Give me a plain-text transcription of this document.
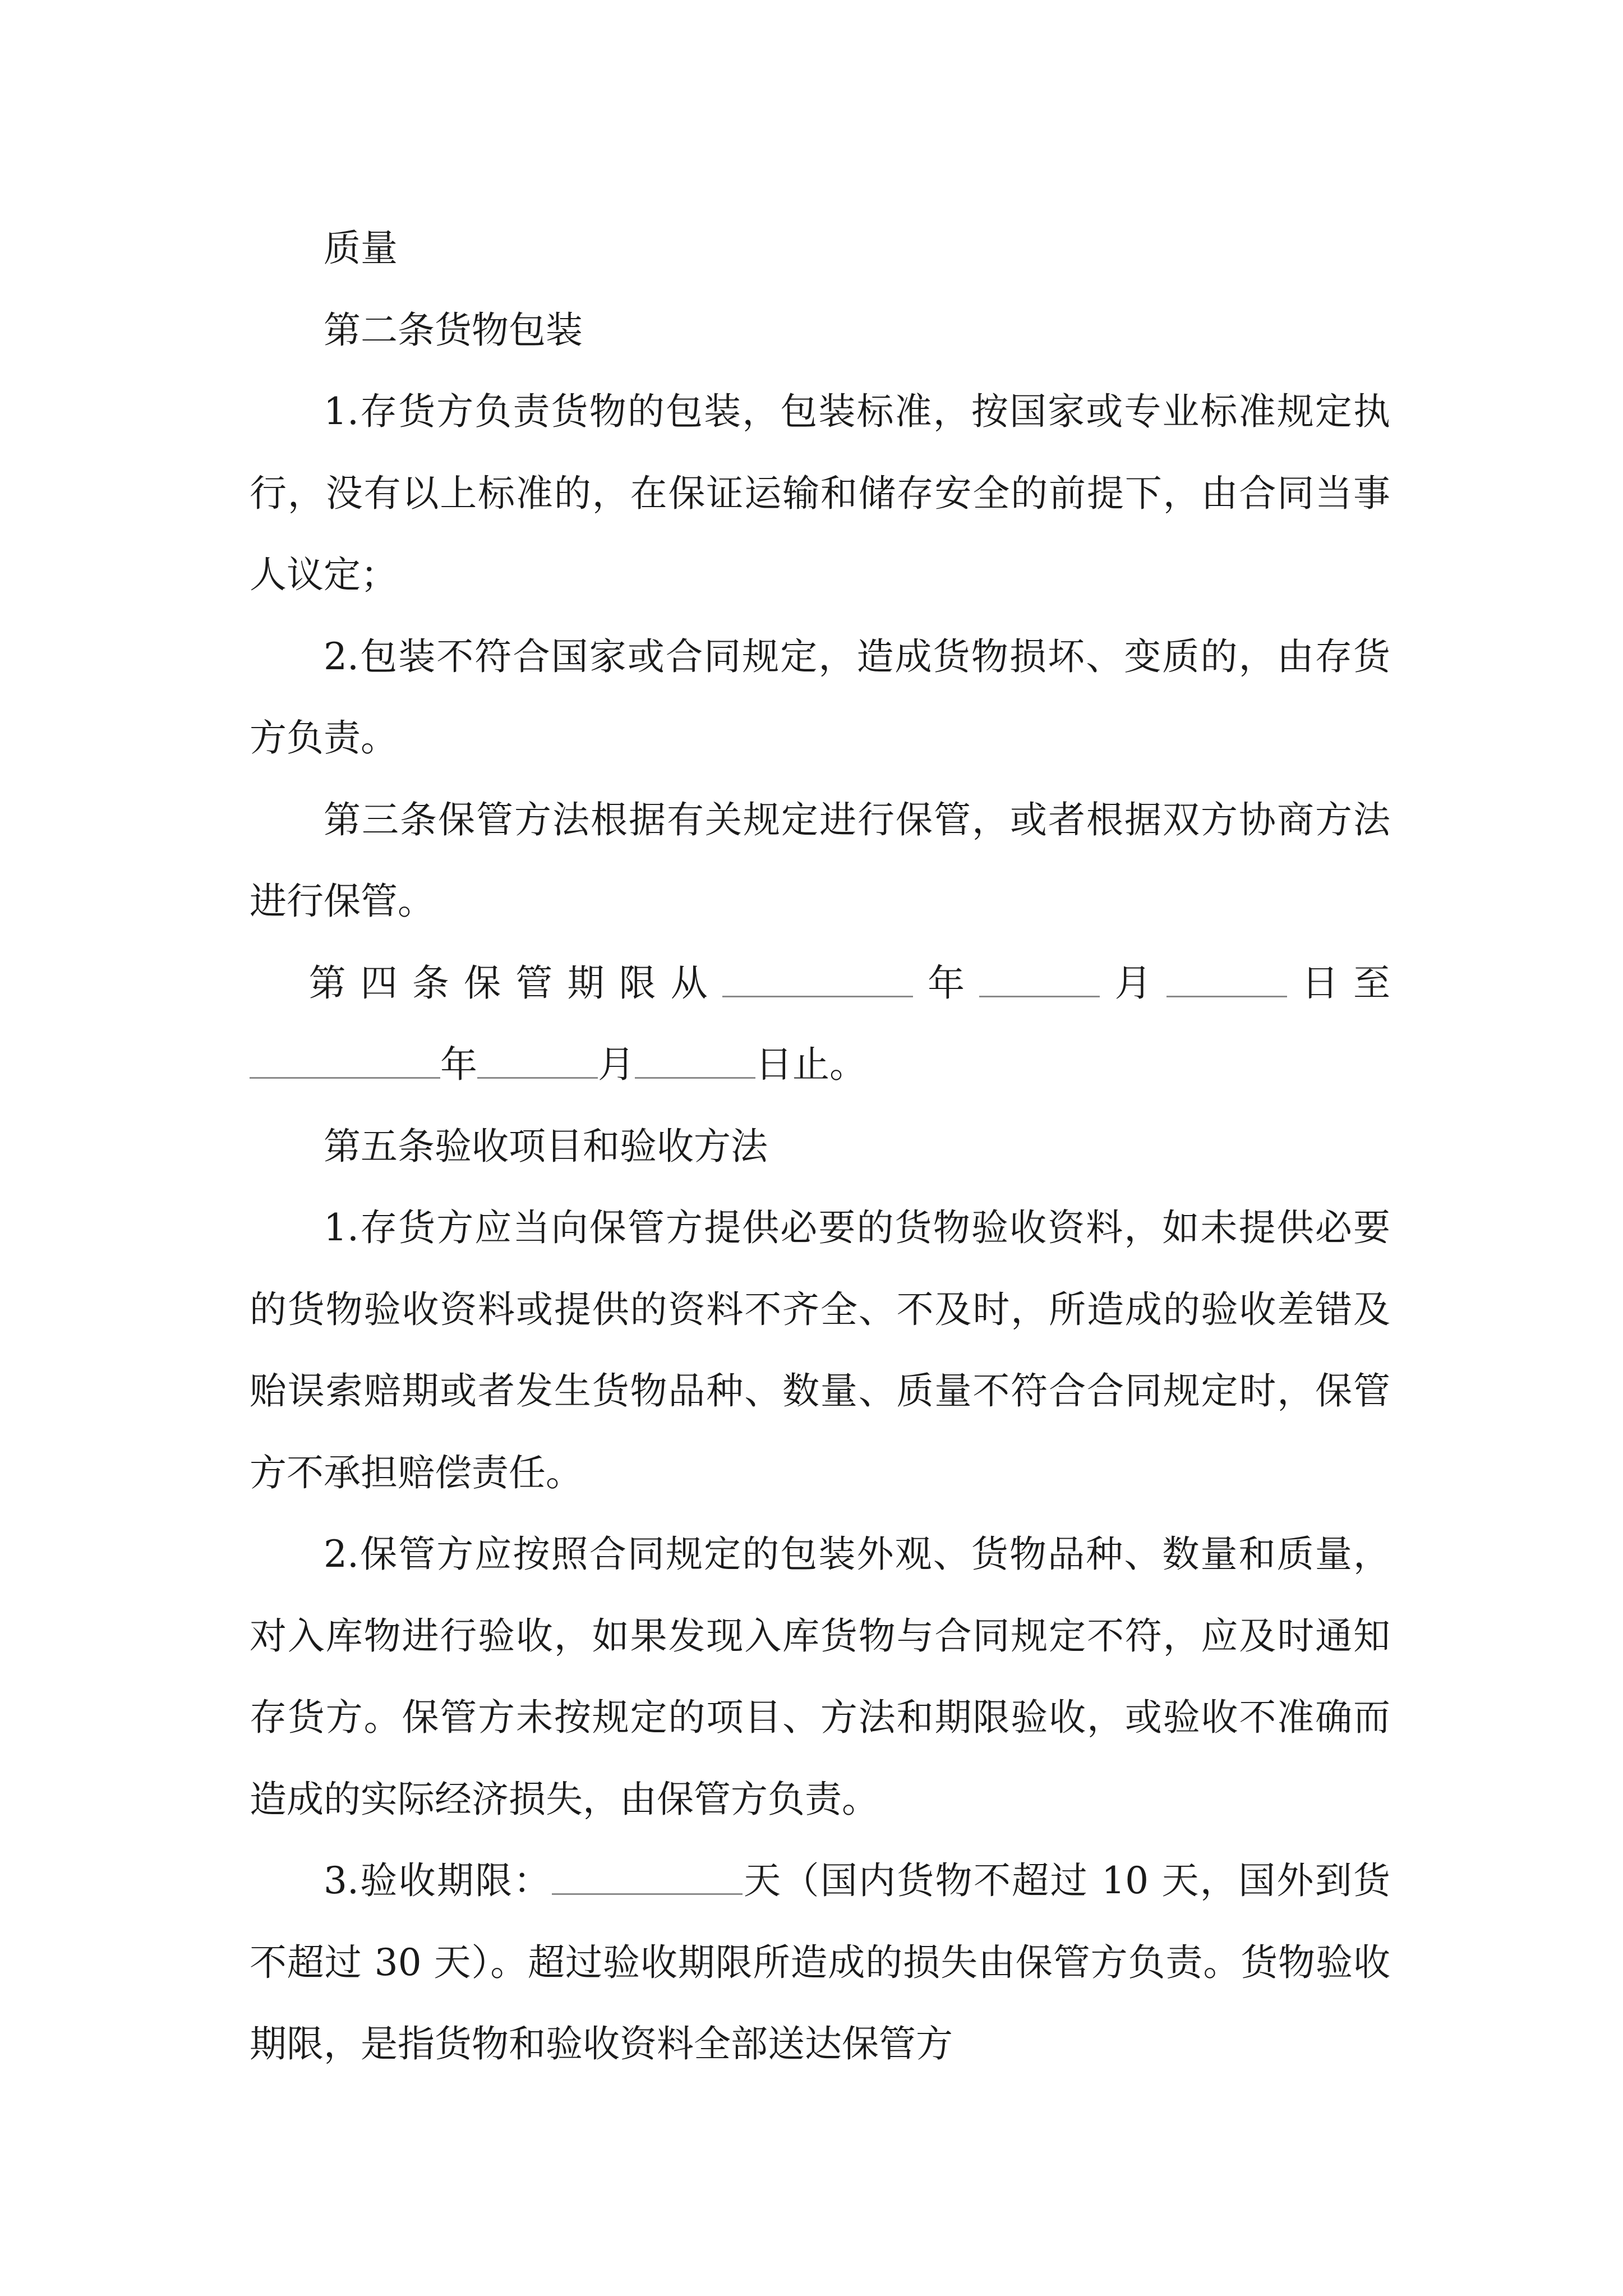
质量

第二条货物包装

1.存货方负责货物的包装，包装标准，按国家或专业标准规定执行，没有以上标准的，在保证运输和储存安全的前提下，由合同当事人议定；

2.包装不符合国家或合同规定，造成货物损坏、变质的，由存货方负责。

第三条保管方法根据有关规定进行保管，或者根据双方协商方法进行保管。

第四条保管期限从	年	月	日至

年	月	日止。

第五条验收项目和验收方法

1.存货方应当向保管方提供必要的货物验收资料，如未提供必要的货物验收资料或提供的资料不齐全、不及时，所造成的验收差错及贻误索赔期或者发生货物品种、数量、质量不符合合同规定时，保管方不承担赔偿责任。

2.保管方应按照合同规定的包装外观、货物品种、数量和质量，对入库物进行验收，如果发现入库货物与合同规定不符，应及时通知存货方。保管方未按规定的项目、方法和期限验收，或验收不准确而造成的实际经济损失，由保管方负责。

3.验收期限：	天（国内货物不超过 10 天，国外到货不超过 30 天）。超过验收期限所造成的损失由保管方负责。货物验收期限，是指货物和验收资料全部送达保管方
